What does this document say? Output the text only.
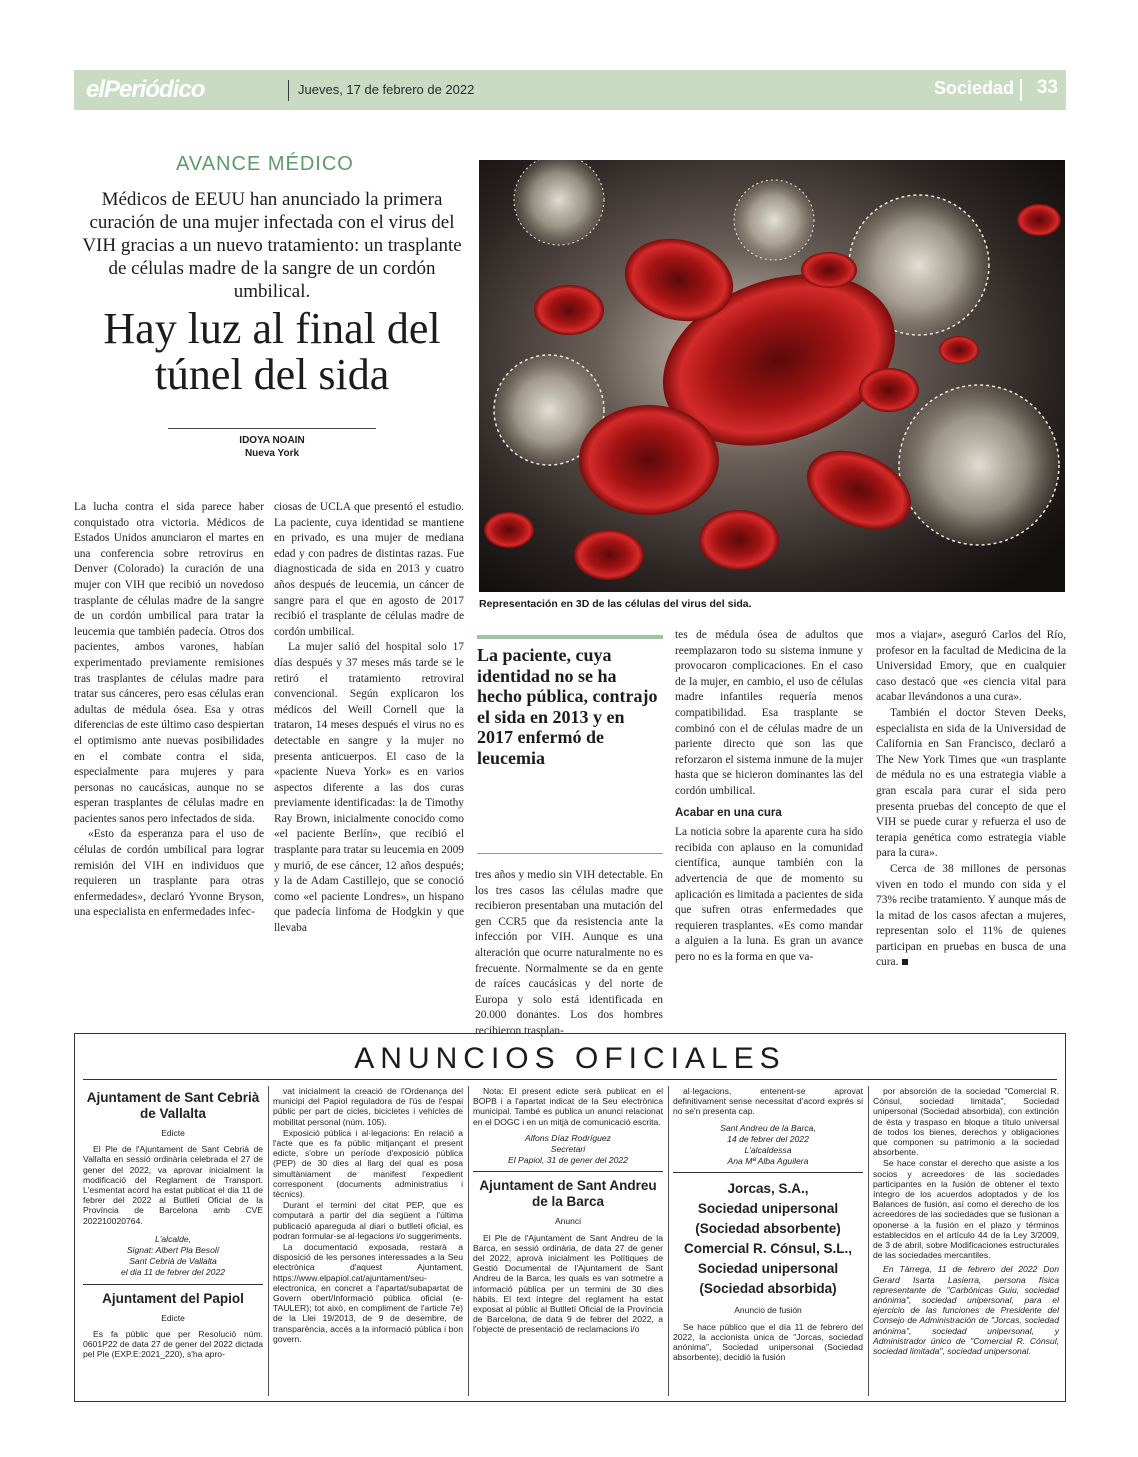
elPeriódico	Jueves, 17 de febrero de 2022	Sociedad 33
AVANCE MÉDICO
Médicos de EEUU han anunciado la primera curación de una mujer infectada con el virus del VIH gracias a un nuevo tratamiento: un trasplante de células madre de la sangre de un cordón umbilical.
Hay luz al final del túnel del sida
IDOYA NOAIN
Nueva York
Representación en 3D de las células del virus del sida.

La lucha contra el sida parece haber conquistado otra victoria. Médicos de Estados Unidos anunciaron el martes en una conferencia sobre retrovirus en Denver (Colorado) la curación de una mujer con VIH que recibió un novedoso trasplante de células madre de la sangre de un cordón umbilical para tratar la leucemia que también padecía. Otros dos pacientes, ambos varones, habían experimentado previamente remisiones tras trasplantes de células madre para tratar sus cánceres, pero esas células eran adultas de médula ósea. Esa y otras diferencias de este último caso despiertan el optimismo ante nuevas posibilidades en el combate contra el sida, especialmente para mujeres y para personas no caucásicas, aunque no se esperan trasplantes de células madre en pacientes sanos pero infectados de sida.

«Esto da esperanza para el uso de células de cordón umbilical para lograr remisión del VIH en individuos que requieren un trasplante para otras enfermedades», declaró Yvonne Bryson, una especialista en enfermedades infec-

ciosas de UCLA que presentó el estudio. La paciente, cuya identidad se mantiene en privado, es una mujer de mediana edad y con padres de distintas razas. Fue diagnosticada de sida en 2013 y cuatro años después de leucemia, un cáncer de sangre para el que en agosto de 2017 recibió el trasplante de células madre de cordón umbilical.

La mujer salió del hospital solo 17 días después y 37 meses más tarde se le retiró el tratamiento retroviral convencional. Según explicaron los médicos del Weill Cornell que la trataron, 14 meses después el virus no es detectable en sangre y la mujer no presenta anticuerpos. El caso de la «paciente Nueva York» es en varios aspectos diferente a las dos curas previamente identificadas: la de Timothy Ray Brown, inicialmente conocido como «el paciente Berlín», que recibió el trasplante para tratar su leucemia en 2009 y murió, de ese cáncer, 12 años después; y la de Adam Castillejo, que se conoció como «el paciente Londres», un hispano que padecía linfoma de Hodgkin y que llevaba

La paciente, cuya identidad no se ha hecho pública, contrajo el sida en 2013 y en 2017 enfermó de leucemia

tres años y medio sin VIH detectable. En los tres casos las células madre que recibieron presentaban una mutación del gen CCR5 que da resistencia ante la infección por VIH. Aunque es una alteración que ocurre naturalmente no es frecuente. Normalmente se da en gente de raíces caucásicas y del norte de Europa y solo está identificada en 20.000 donantes. Los dos hombres recibieron trasplan-

tes de médula ósea de adultos que reemplazaron todo su sistema inmune y provocaron complicaciones. En el caso de la mujer, en cambio, el uso de células madre infantiles requería menos compatibilidad. Esa trasplante se combinó con el de células madre de un pariente directo que son las que reforzaron el sistema inmune de la mujer hasta que se hicieron dominantes las del cordón umbilical.

Acabar en una cura

La noticia sobre la aparente cura ha sido recibida con aplauso en la comunidad científica, aunque también con la advertencia de que de momento su aplicación es limitada a pacientes de sida que sufren otras enfermedades que requieren trasplantes. «Es como mandar a alguien a la luna. Es gran un avance pero no es la forma en que va-

mos a viajar», aseguró Carlos del Río, profesor en la facultad de Medicina de la Universidad Emory, que en cualquier caso destacó que «es ciencia vital para acabar llevándonos a una cura».

También el doctor Steven Deeks, especialista en sida de la Universidad de California en San Francisco, declaró a The New York Times que «un trasplante de médula no es una estrategia viable a gran escala para curar el sida pero presenta pruebas del concepto de que el VIH se puede curar y refuerza el uso de terapia genética como estrategia viable para la cura».

Cerca de 38 millones de personas viven en todo el mundo con sida y el 73% recibe tratamiento. Y aunque más de la mitad de los casos afectan a mujeres, representan solo el 11% de quienes participan en pruebas en busca de una cura.

ANUNCIOS OFICIALES

Ajuntament de Sant Cebrià de Vallalta

Edicte

El Ple de l'Ajuntament de Sant Cebrià de Vallalta en sessió ordinària celebrada el 27 de gener del 2022, va aprovar inicialment la modificació del Reglament de Transport. L'esmentat acord ha estat publicat el dia 11 de febrer del 2022 al Butlletí Oficial de la Província de Barcelona amb CVE 202210020764.

L'alcalde,

Signat: Albert Pla Besolí

Sant Cebrià de Vallalta

el dia 11 de febrer del 2022

Ajuntament del Papiol

Edicte

Es fa públic que per Resolució núm. 0601P22 de data 27 de gener del 2022 dictada pel Ple (EXP.E:2021_220), s'ha apro-

vat inicialment la creació de l'Ordenança del municipi del Papiol reguladora de l'ús de l'espai públic per part de cicles, bicicletes i vehicles de mobilitat personal (núm. 105).

Exposició pública i al·legacions: En relació a l'acte que es fa públic mitjançant el present edicte, s'obre un període d'exposició pública (PEP) de 30 dies al llarg del qual es posa simultàniament de manifest l'expedient corresponent (documents administratius i tècnics).

Durant el termini del citat PEP, que es computarà a partir del dia següent a l'última publicació apareguda al diari o butlletí oficial, es podran formular-se al·legacions i/o suggeriments.

La documentació exposada, restarà a disposició de les persones interessades a la Seu electrònica d'aquest Ajuntament, https://www.elpapiol.cat/ajuntament/seu-electronica, en concret a l'apartat/subapartat de Govern obert/Informació pública oficial (e-TAULER); tot això, en compliment de l'article 7e) de la Llei 19/2013, de 9 de desembre, de transparència, accés a la informació pública i bon govern.

Nota: El present edicte serà publicat en el BOPB i a l'apartat indicat de la Seu electrònica municipal. També es publica un anunci relacionat en el DOGC i en un mitjà de comunicació escrita.

Alfons Díaz Rodríguez

Secretari

El Papiol, 31 de gener del 2022

Ajuntament de Sant Andreu de la Barca

Anunci

El Ple de l'Ajuntament de Sant Andreu de la Barca, en sessió ordinària, de data 27 de gener del 2022, aprovà inicialment les Polítiques de Gestió Documental de l'Ajuntament de Sant Andreu de la Barca, les quals es van sotmetre a informació pública per un termini de 30 dies hàbils. El text íntegre del reglament ha estat exposat al públic al Butlletí Oficial de la Província de Barcelona, de data 9 de febrer del 2022, a l'objecte de presentació de reclamacions i/o

al·legacions, entenent-se aprovat definitivament sense necessitat d'acord exprés si no se'n presenta cap.

Sant Andreu de la Barca,

14 de febrer del 2022

L'alcaldessa

Ana Mª Alba Aguilera

Jorcas, S.A.,

Sociedad unipersonal

(Sociedad absorbente)

Comercial R. Cónsul, S.L.,

Sociedad unipersonal

(Sociedad absorbida)

Anuncio de fusión

Se hace público que el día 11 de febrero del 2022, la accionista única de "Jorcas, sociedad anónima", Sociedad unipersonal (Sociedad absorbente), decidió la fusión

por absorción de la sociedad "Comercial R. Cónsul, sociedad limitada", Sociedad unipersonal (Sociedad absorbida), con extinción de ésta y traspaso en bloque a título universal de todos los bienes, derechos y obligaciones que componen su patrimonio a la sociedad absorbente.

Se hace constar el derecho que asiste a los socios y acreedores de las sociedades participantes en la fusión de obtener el texto íntegro de los acuerdos adoptados y de los Balances de fusión, así como el derecho de los acreedores de las sociedades que se fusionan a oponerse a la fusión en el plazo y términos establecidos en el artículo 44 de la Ley 3/2009, de 3 de abril, sobre Modificaciones estructurales de las sociedades mercantiles.

En Tàrrega, 11 de febrero del 2022 Don Gerard Isarta Lasierra, persona física representante de "Carbónicas Guiu, sociedad anónima", sociedad unipersonal, para el ejercicio de las funciones de Presidente del Consejo de Administración de "Jorcas, sociedad anónima", sociedad unipersonal, y Administrador único de "Comercial R. Cónsul, sociedad limitada", sociedad unipersonal.
